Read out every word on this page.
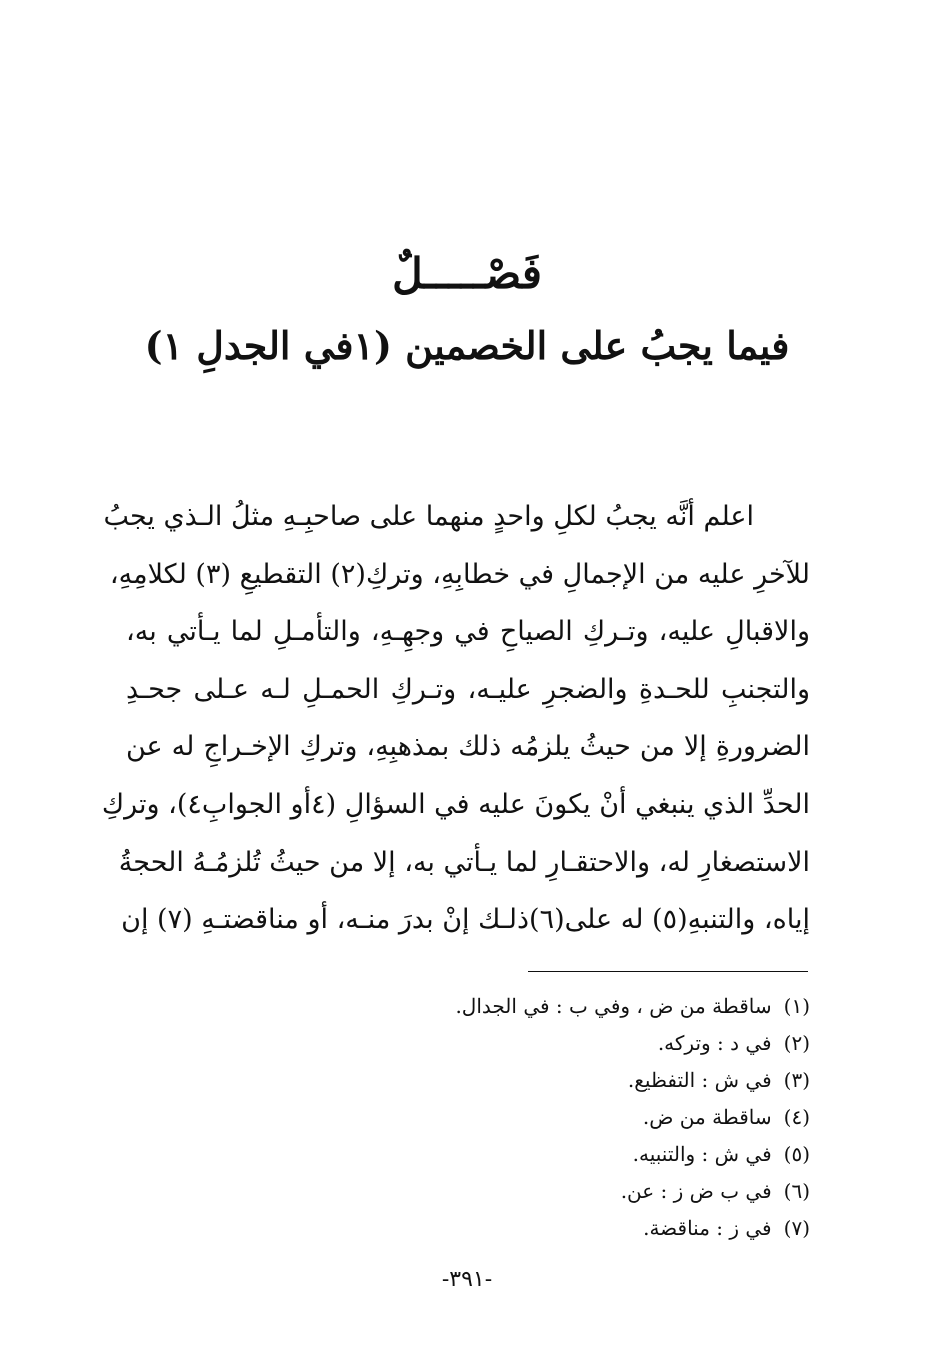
فَصْـــــلٌ
فيما يجبُ على الخصمين (١في الجدلِ ١)
اعلم أنَّه يجبُ لكلِ واحدٍ منهما على صاحبِـهِ مثلُ الـذي يجبُ
للآخرِ عليه من الإجمالِ في خطابِهِ، وتركِ(٢) التقطيعِ (٣) لكلامِهِ،
والاقبالِ عليه، وتـركِ الصياحِ في وجهِـهِ، والتأمـلِ لما يـأتي به،
والتجنبِ للحـدةِ والضجرِ عليـه، وتـركِ الحمـلِ لـه عـلى جحـدِ
الضرورةِ إلا من حيثُ يلزمُه ذلك بمذهبِهِ، وتركِ الإخـراجِ له عن
الحدِّ الذي ينبغي أنْ يكونَ عليه في السؤالِ (٤أو الجوابِ٤)، وتركِ
الاستصغارِ له، والاحتقـارِ لما يـأتي به، إلا من حيثُ تُلزمُـهُ الحجةُ
إياه، والتنبهِ(٥) له على(٦)ذلـك إنْ بدرَ منـه، أو مناقضتـهِ (٧) إن
(١)ساقطة من ض ، وفي ب : في الجدال.
(٢)في د : وتركه.
(٣)في ش : التفظيع.
(٤)ساقطة من ض.
(٥)في ش : والتنبيه.
(٦)في ب ض ز : عن.
(٧)في ز : مناقضة.
-٣٩١-
